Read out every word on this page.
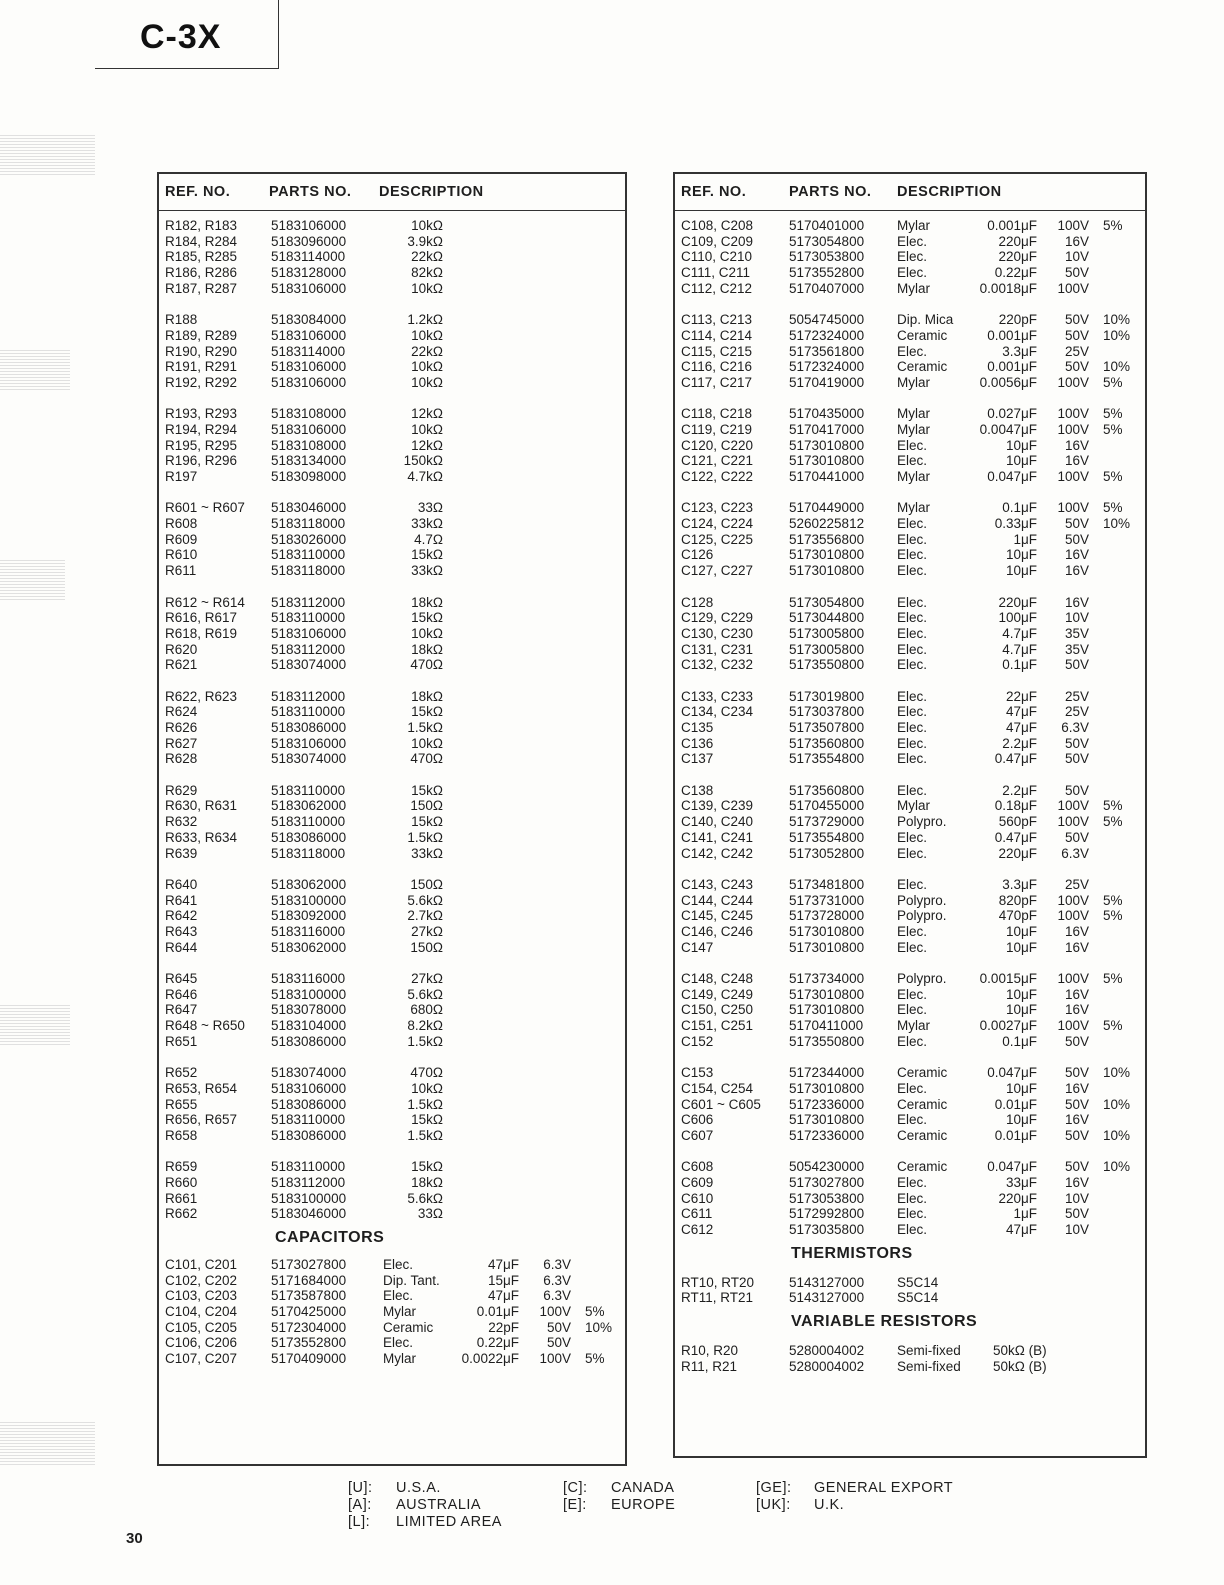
C-3X
REF. NO.	PARTS NO. DESCRIPTION
R182, R183	5183106000	10kΩ
R184, R284	5183096000	3.9kΩ
R185, R285	5183114000	22kΩ
R186, R286	5183128000	82kΩ
R187, R287	5183106000	10kΩ
R188	5183084000	1.2kΩ
R189, R289	5183106000	10kΩ
R190, R290	5183114000	22kΩ
R191, R291	5183106000	10kΩ
R192, R292	5183106000	10kΩ
R193, R293	5183108000	12kΩ
R194, R294	5183106000	10kΩ
R195, R295	5183108000	12kΩ
R196, R296	5183134000	150kΩ
R197	5183098000	4.7kΩ
R601 ~ R607 5183046000	33Ω
R608	5183118000	33kΩ
R609	5183026000	4.7Ω
R610	5183110000	15kΩ
R611	5183118000	33kΩ
R612 ~ R614 5183112000	18kΩ
R616, R617	5183110000	15kΩ
R618, R619	5183106000	10kΩ
R620	5183112000	18kΩ
R621	5183074000	470Ω
R622, R623	5183112000	18kΩ
R624	5183110000	15kΩ
R626	5183086000	1.5kΩ
R627	5183106000	10kΩ
R628	5183074000	470Ω
R629	5183110000	15kΩ
R630, R631	5183062000	150Ω
R632	5183110000	15kΩ
R633, R634	5183086000	1.5kΩ
R639	5183118000	33kΩ
R640	5183062000	150Ω
R641	5183100000	5.6kΩ
R642	5183092000	2.7kΩ
R643	5183116000	27kΩ
R644	5183062000	150Ω
R645	5183116000	27kΩ
R646	5183100000	5.6kΩ
R647	5183078000	680Ω
R648 ~ R650 5183104000	8.2kΩ
R651	5183086000	1.5kΩ
R652	5183074000	470Ω
R653, R654	5183106000	10kΩ
R655	5183086000	1.5kΩ
R656, R657	5183110000	15kΩ
R658	5183086000	1.5kΩ
R659	5183110000	15kΩ
R660	5183112000	18kΩ
R661	5183100000	5.6kΩ
R662	5183046000	33Ω
CAPACITORS
C101, C201	5173027800	Elec.	47μF	6.3V
C102, C202	5171684000	Dip. Tant.	15μF	6.3V
C103, C203	5173587800	Elec.	47μF	6.3V
C104, C204	5170425000	Mylar	0.01μF	100V 5%
C105, C205	5172304000	Ceramic	22pF	50V 10%
C106, C206	5173552800	Elec.	0.22μF	50V
C107, C207	5170409000	Mylar	0.0022μF	100V 5%
REF. NO.	PARTS NO. DESCRIPTION
C108, C208	5170401000 Mylar	0.001μF	100V 5%
C109, C209	5173054800 Elec.	220μF	16V
C110, C210	5173053800 Elec.	220μF	10V
C111, C211	5173552800 Elec.	0.22μF	50V
C112, C212	5170407000 Mylar	0.0018μF	100V
C113, C213	5054745000 Dip. Mica	220pF	50V 10%
C114, C214	5172324000 Ceramic	0.001μF	50V 10%
C115, C215	5173561800 Elec.	3.3μF	25V
C116, C216	5172324000 Ceramic	0.001μF	50V 10%
C117, C217	5170419000 Mylar	0.0056μF	100V 5%
C118, C218	5170435000 Mylar	0.027μF	100V 5%
C119, C219	5170417000 Mylar	0.0047μF	100V 5%
C120, C220	5173010800 Elec.	10μF	16V
C121, C221	5173010800 Elec.	10μF	16V
C122, C222	5170441000 Mylar	0.047μF	100V 5%
C123, C223	5170449000 Mylar	0.1μF	100V 5%
C124, C224	5260225812 Elec.	0.33μF	50V 10%
C125, C225	5173556800 Elec.	1μF	50V
C126	5173010800 Elec.	10μF	16V
C127, C227	5173010800 Elec.	10μF	16V
C128	5173054800 Elec.	220μF	16V
C129, C229	5173044800 Elec.	100μF	10V
C130, C230	5173005800 Elec.	4.7μF	35V
C131, C231	5173005800 Elec.	4.7μF	35V
C132, C232	5173550800 Elec.	0.1μF	50V
C133, C233	5173019800 Elec.	22μF	25V
C134, C234	5173037800 Elec.	47μF	25V
C135	5173507800 Elec.	47μF	6.3V
C136	5173560800 Elec.	2.2μF	50V
C137	5173554800 Elec.	0.47μF	50V
C138	5173560800 Elec.	2.2μF	50V
C139, C239	5170455000 Mylar	0.18μF	100V 5%
C140, C240	5173729000 Polypro.	560pF	100V 5%
C141, C241	5173554800 Elec.	0.47μF	50V
C142, C242	5173052800 Elec.	220μF	6.3V
C143, C243	5173481800 Elec.	3.3μF	25V
C144, C244	5173731000 Polypro.	820pF	100V 5%
C145, C245	5173728000 Polypro.	470pF	100V 5%
C146, C246	5173010800 Elec.	10μF	16V
C147	5173010800 Elec.	10μF	16V
C148, C248	5173734000 Polypro.	0.0015μF	100V 5%
C149, C249	5173010800 Elec.	10μF	16V
C150, C250	5173010800 Elec.	10μF	16V
C151, C251	5170411000	Mylar	0.0027μF	100V 5%
C152	5173550800 Elec.	0.1μF	50V
C153	5172344000 Ceramic	0.047μF	50V 10%
C154, C254	5173010800 Elec.	10μF	16V
C601 ~ C605 5172336000 Ceramic	0.01μF	50V 10%
C606	5173010800 Elec.	10μF	16V
C607	5172336000 Ceramic	0.01μF	50V 10%
C608	5054230000 Ceramic	0.047μF	50V 10%
C609	5173027800 Elec.	33μF	16V
C610	5173053800 Elec.	220μF	10V
C611	5172992800 Elec.	1μF	50V
C612	5173035800 Elec.	47μF	10V
THERMISTORS
RT10, RT20	5143127000 S5C14
RT11, RT21	5143127000 S5C14
VARIABLE RESISTORS
R10, R20	5280004002 Semi-fixed 50kΩ (B)
R11, R21	5280004002 Semi-fixed 50kΩ (B)
[U]: U.S.A.
[A]: AUSTRALIA
[L]: LIMITED AREA
[C]: CANADA
[E]: EUROPE
[GE]: GENERAL EXPORT
[UK]: U.K.
30
